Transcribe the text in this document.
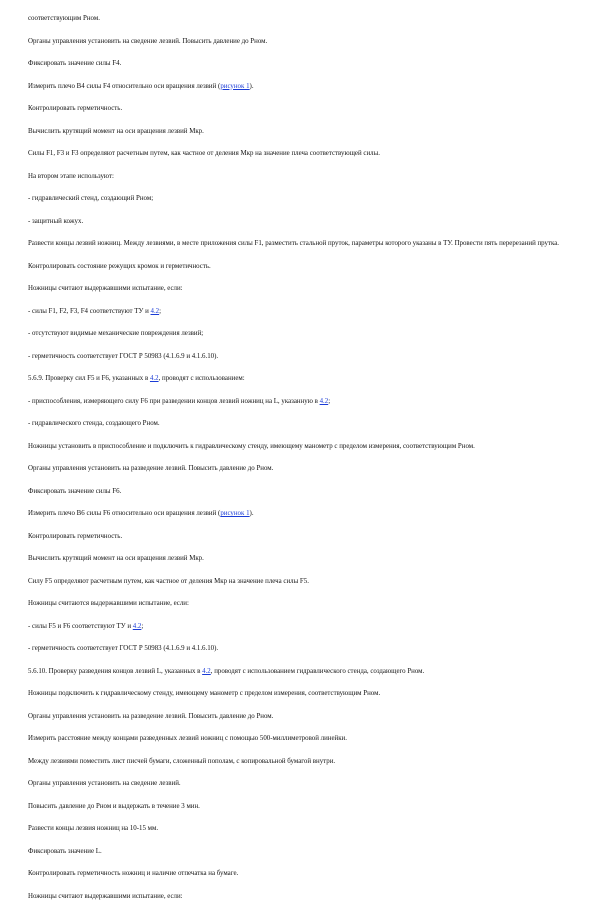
соответствующим Рном.

Органы управления установить на сведение лезвий. Повысить давление до Рном.

Фиксировать значение силы F4.

Измерить плечо В4 силы F4 относительно оси вращения лезвий (рисунок 1).

Контролировать герметичность.

Вычислить крутящий момент на оси вращения лезвий Мкр.

Силы F1, F3 и F3 определяют расчетным путем, как частное от деления Мкр на значение плеча соответствующей силы.

На втором этапе используют:

- гидравлический стенд, создающий Рном;

- защитный кожух.

Развести концы лезвий ножниц. Между лезвиями, в месте приложения силы F1, разместить стальной пруток, параметры которого указаны в ТУ. Провести пять перерезаний прутка.

Контролировать состояние режущих кромок и герметичность.

Ножницы считают выдержавшими испытание, если:

- силы F1, F2, F3, F4 соответствуют ТУ и 4.2;

- отсутствуют видимые механические повреждения лезвий;

- герметичность соответствует ГОСТ Р 50983 (4.1.6.9 и 4.1.6.10).

5.6.9. Проверку сил F5 и F6, указанных в 4.2, проводят с использованием:

- приспособления, измеряющего силу F6 при разведении концов лезвий ножниц на L, указанную в 4.2;

- гидравлического стенда, создающего Рном.

Ножницы установить в приспособление и подключить к гидравлическому стенду, имеющему манометр с пределом измерения, соответствующим Рном.

Органы управления установить на разведение лезвий. Повысить давление до Рном.

Фиксировать значение силы F6.

Измерить плечо В6 силы F6 относительно оси вращения лезвий (рисунок 1).

Контролировать герметичность.

Вычислить крутящий момент на оси вращения лезвий Мкр.

Силу F5 определяют расчетным путем, как частное от деления Мкр на значение плеча силы F5.

Ножницы считаются выдержавшими испытание, если:

- силы F5 и F6 соответствуют ТУ и 4.2;

- герметичность соответствует ГОСТ Р 50983 (4.1.6.9 и 4.1.6.10).

5.6.10. Проверку разведения концов лезвий L, указанных в 4.2, проводят с использованием гидравлического стенда, создающего Рном.

Ножницы подключить к гидравлическому стенду, имеющему манометр с пределом измерения, соответствующим Рном.

Органы управления установить на разведение лезвий. Повысить давление до Рном.

Измерить расстояние между концами разведенных лезвий ножниц с помощью 500-миллиметровой линейки.

Между лезвиями поместить лист писчей бумаги, сложенный пополам, с копировальной бумагой внутри.

Органы управления установить на сведение лезвий.

Повысить давление до Рном и выдержать в течение 3 мин.

Развести концы лезвия ножниц на 10-15 мм.

Фиксировать значение L.

Контролировать герметичность ножниц и наличие отпечатка на бумаге.

Ножницы считают выдержавшими испытание, если:
